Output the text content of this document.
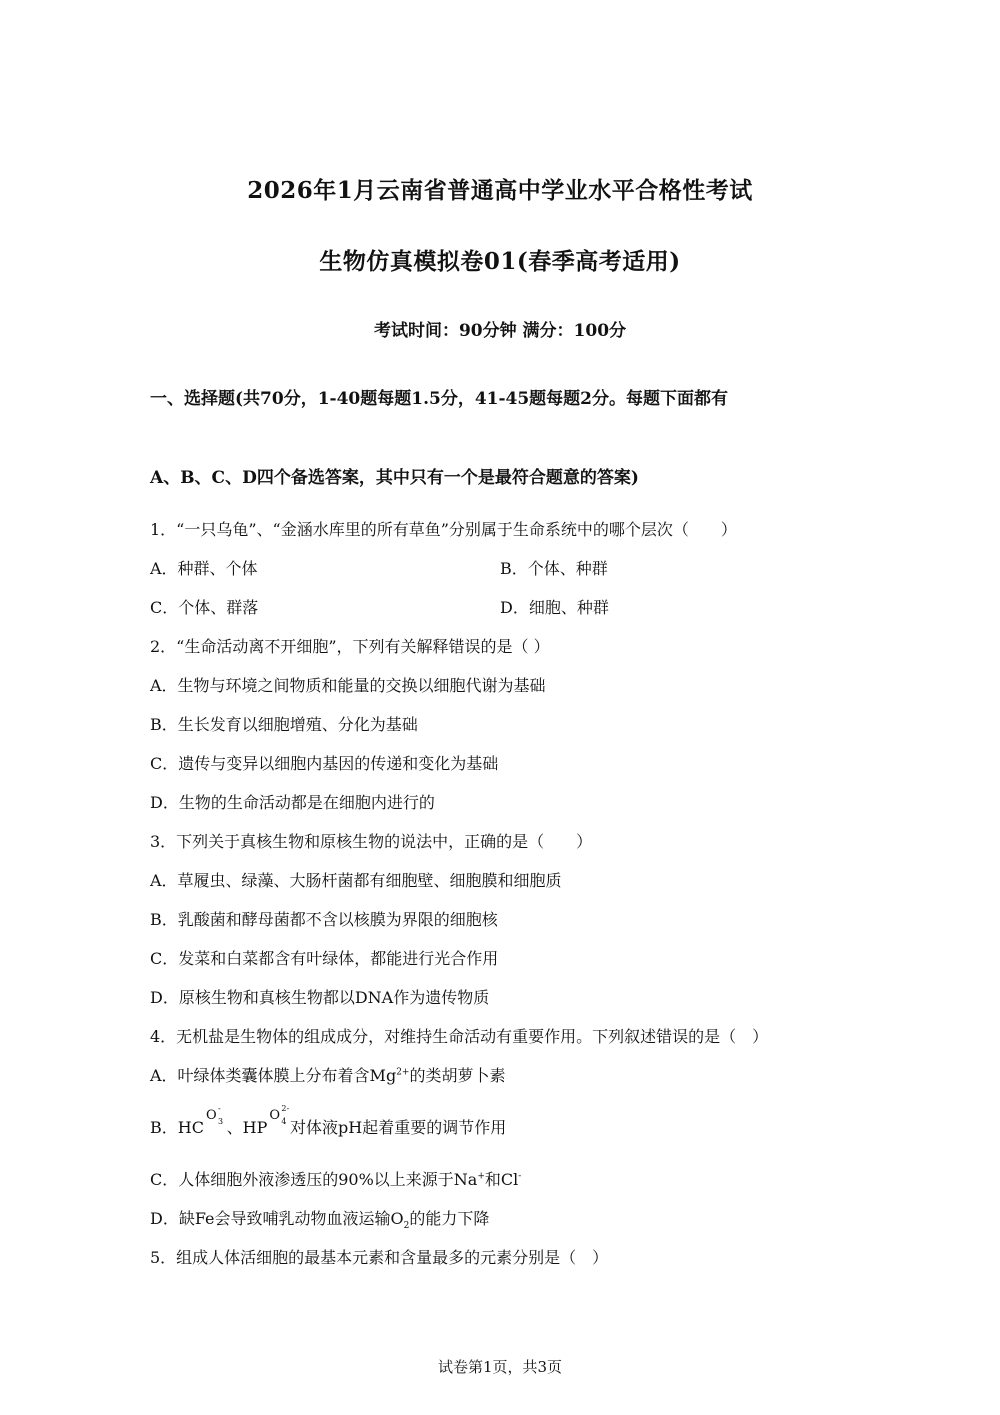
2026年1月云南省普通高中学业水平合格性考试
生物仿真模拟卷01(春季高考适用)
考试时间：90分钟 满分：100分
一、选择题(共70分，1-40题每题1.5分，41-45题每题2分。每题下面都有
A、B、C、D四个备选答案，其中只有一个是最符合题意的答案)
1．“一只乌龟”、“金涵水库里的所有草鱼”分别属于生命系统中的哪个层次（　　）
A．种群、个体	B．个体、种群
C．个体、群落	D．细胞、种群
2．“生命活动离不开细胞”，下列有关解释错误的是（ ）
A．生物与环境之间物质和能量的交换以细胞代谢为基础
B．生长发育以细胞增殖、分化为基础
C．遗传与变异以细胞内基因的传递和变化为基础
D．生物的生命活动都是在细胞内进行的
3．下列关于真核生物和原核生物的说法中，正确的是（　　）
A．草履虫、绿藻、大肠杆菌都有细胞壁、细胞膜和细胞质
B．乳酸菌和酵母菌都不含以核膜为界限的细胞核
C．发菜和白菜都含有叶绿体，都能进行光合作用
D．原核生物和真核生物都以DNA作为遗传物质
4．无机盐是生物体的组成成分，对维持生命活动有重要作用。下列叙述错误的是（　）
A．叶绿体类囊体膜上分布着含$Mg^{2+}$的类胡萝卜素
B．HCO -
3 、HPO 2-
4 对体液pH起着重要的调节作用
C．人体细胞外液渗透压的90%以上来源于Na+和Cl-
D．缺Fe会导致哺乳动物血液运输$O_2$的能力下降
5．组成人体活细胞的最基本元素和含量最多的元素分别是（　）
试卷第1页，共3页
